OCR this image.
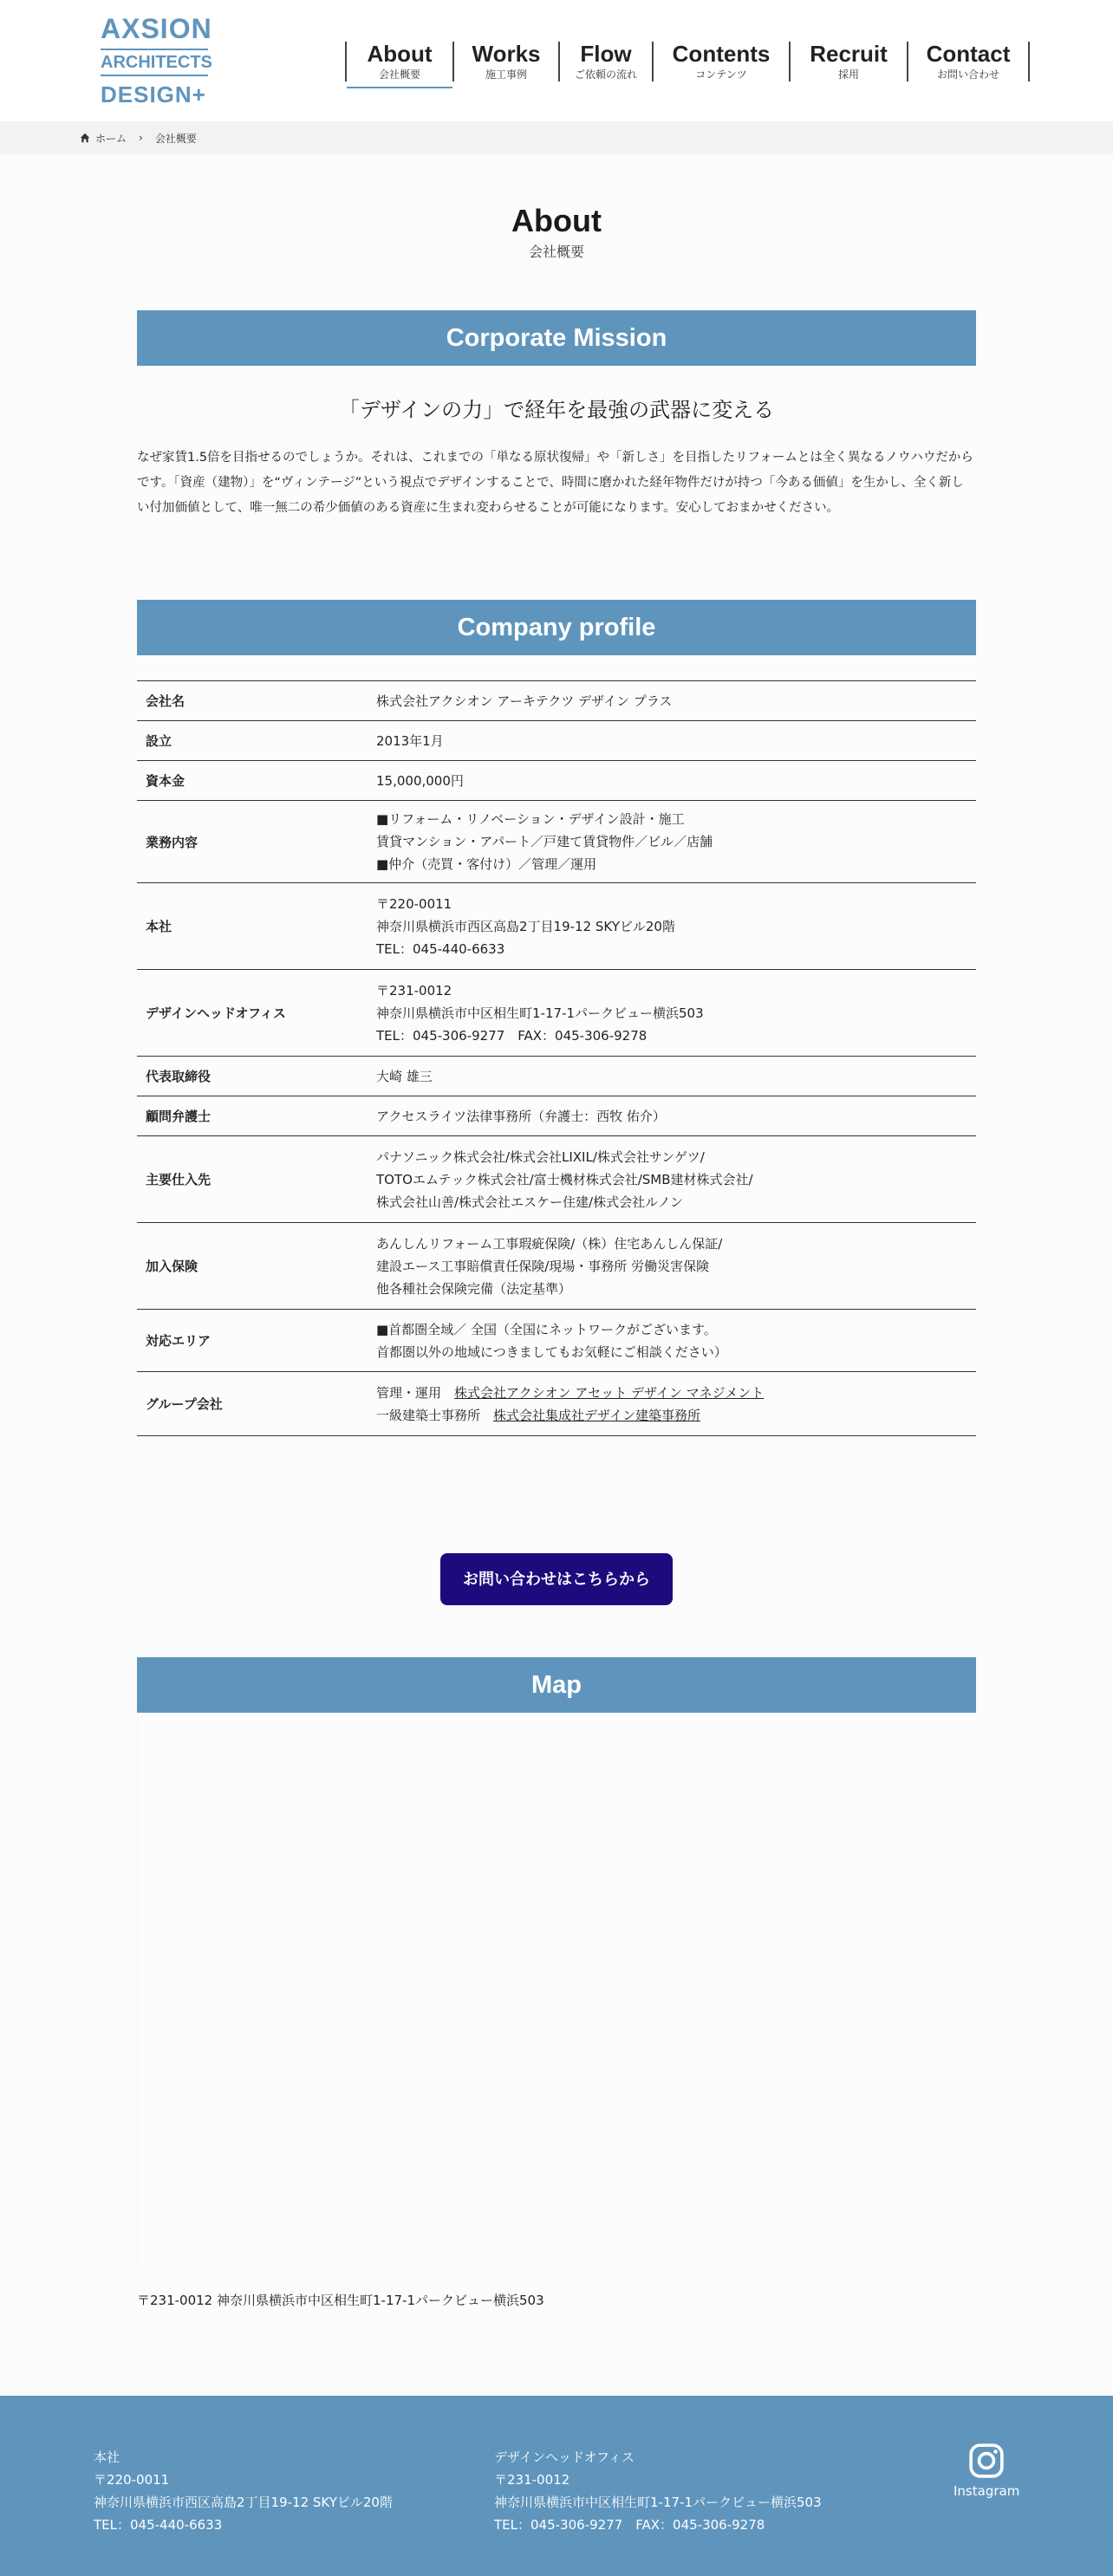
AXSION
ARCHITECTS
DESIGN+
About
会社概要
Works
施工事例
Flow
ご依頼の流れ
Contents
コンテンツ
Recruit
採用
Contact
お問い合わせ
ホーム › 会社概要
About
会社概要
Corporate Mission

「デザインの力」で経年を最強の武器に変える

なぜ家賃1.5倍を目指せるのでしょうか。それは、これまでの「単なる原状復帰」や「新しさ」を目指したリフォームとは全く異なるノウハウだからです。「資産（建物）」を“ヴィンテージ”という視点でデザインすることで、時間に磨かれた経年物件だけが持つ「今ある価値」を生かし、全く新しい付加価値として、唯一無二の希少価値のある資産に生まれ変わらせることが可能になります。安心しておまかせください。

Company profile
会社名	株式会社アクシオン アーキテクツ デザイン プラス

設立	2013年1月

資本金	15,000,000円

業務内容	■リフォーム・リノベーション・デザイン設計・施工
賃貸マンション・アパート／戸建て賃貸物件／ビル／店舗
■仲介（売買・客付け）／管理／運用

本社	〒220-0011
神奈川県横浜市西区高島2丁目19-12 SKYビル20階
TEL：045-440-6633

デザインヘッドオフィス	〒231-0012
神奈川県横浜市中区相生町1-17-1パークビュー横浜503
TEL：045-306-9277　FAX：045-306-9278

代表取締役	大崎 雄三

顧問弁護士	アクセスライツ法律事務所（弁護士：西牧 佑介）

主要仕入先	パナソニック株式会社/株式会社LIXIL/株式会社サンゲツ/
TOTOエムテック株式会社/富士機材株式会社/SMB建材株式会社/
株式会社山善/株式会社エスケー住建/株式会社ルノン

加入保険	あんしんリフォーム工事瑕疵保険/（株）住宅あんしん保証/
建設エース工事賠償責任保険/現場・事務所 労働災害保険
他各種社会保険完備（法定基準）

対応エリア	■首都圏全域／ 全国（全国にネットワークがございます。
首都圏以外の地域につきましてもお気軽にご相談ください）

グループ会社	管理・運用　 株式会社アクシオン アセット デザイン マネジメント
一級建築士事務所　 株式会社集成社デザイン建築事務所
お問い合わせはこちらから
Map

〒231-0012 神奈川県横浜市中区相生町1-17-1パークビュー横浜503

本社
〒220-0011
神奈川県横浜市西区高島2丁目19-12 SKYビル20階
TEL：045-440-6633
デザインヘッドオフィス
〒231-0012
神奈川県横浜市中区相生町1-17-1パークビュー横浜503
TEL：045-306-9277　FAX：045-306-9278
Instagram
